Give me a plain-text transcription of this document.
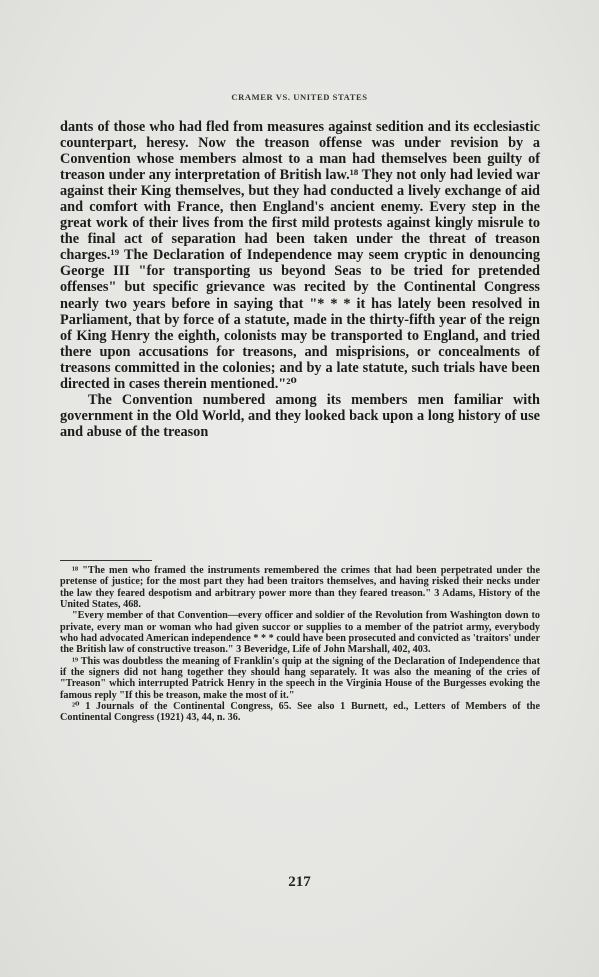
CRAMER VS. UNITED STATES

dants of those who had fled from measures against sedition and its ecclesiastic counterpart, heresy. Now the treason offense was under revision by a Convention whose members almost to a man had themselves been guilty of treason under any interpretation of British law.¹⁸ They not only had levied war against their King themselves, but they had conducted a lively exchange of aid and comfort with France, then England's ancient enemy. Every step in the great work of their lives from the first mild protests against kingly misrule to the final act of separation had been taken under the threat of treason charges.¹⁹ The Declaration of Independence may seem cryptic in denouncing George III "for transporting us beyond Seas to be tried for pretended offenses" but specific grievance was recited by the Continental Congress nearly two years before in saying that "* * * it has lately been resolved in Parliament, that by force of a statute, made in the thirty-fifth year of the reign of King Henry the eighth, colonists may be transported to England, and tried there upon accusations for treasons, and misprisions, or concealments of treasons committed in the colonies; and by a late statute, such trials have been directed in cases therein mentioned."²⁰

The Convention numbered among its members men familiar with government in the Old World, and they looked back upon a long history of use and abuse of the treason

¹⁸ "The men who framed the instruments remembered the crimes that had been perpetrated under the pretense of justice; for the most part they had been traitors themselves, and having risked their necks under the law they feared despotism and arbitrary power more than they feared treason." 3 Adams, History of the United States, 468.

"Every member of that Convention—every officer and soldier of the Revolution from Washington down to private, every man or woman who had given succor or supplies to a member of the patriot army, everybody who had advocated American independence * * * could have been prosecuted and convicted as 'traitors' under the British law of constructive treason." 3 Beveridge, Life of John Marshall, 402, 403.

¹⁹ This was doubtless the meaning of Franklin's quip at the signing of the Declaration of Independence that if the signers did not hang together they should hang separately. It was also the meaning of the cries of "Treason" which interrupted Patrick Henry in the speech in the Virginia House of the Burgesses evoking the famous reply "If this be treason, make the most of it."

²⁰ 1 Journals of the Continental Congress, 65. See also 1 Burnett, ed., Letters of Members of the Continental Congress (1921) 43, 44, n. 36.

217
